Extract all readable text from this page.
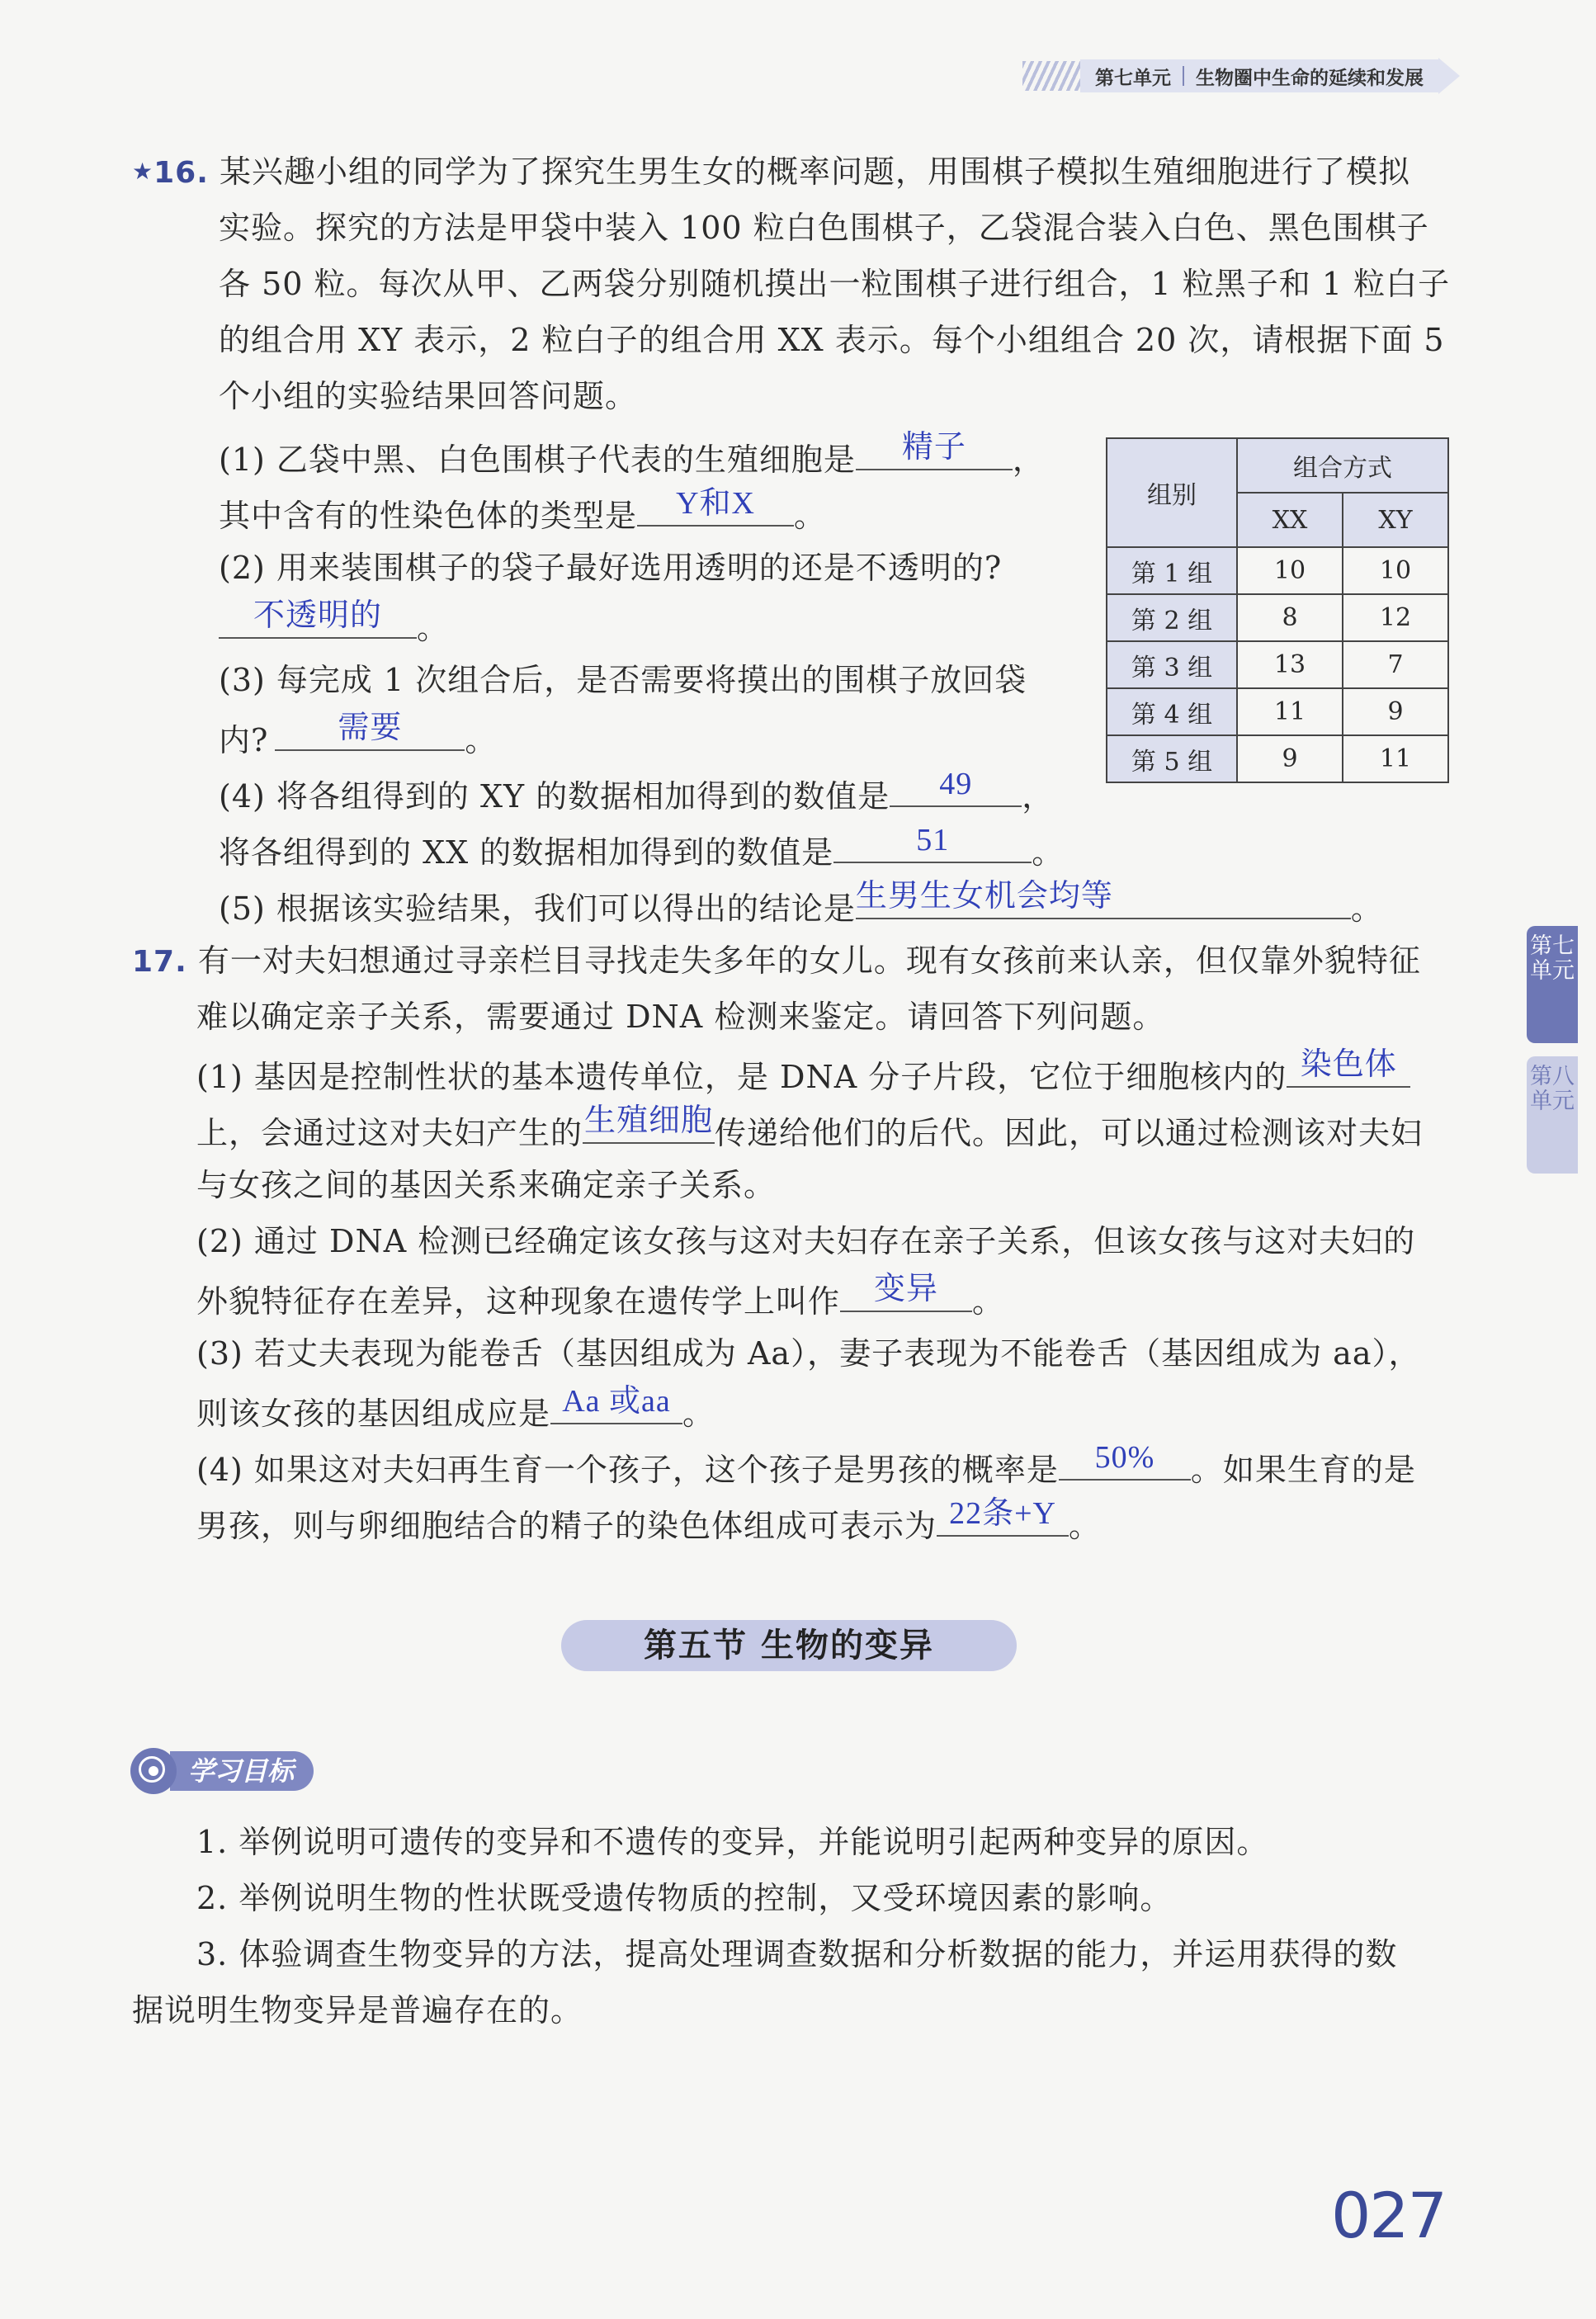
第七单元 生物圈中生命的延续和发展
第七单元
第八单元
★16. 某兴趣小组的同学为了探究生男生女的概率问题，用围棋子模拟生殖细胞进行了模拟
实验。探究的方法是甲袋中装入 100 粒白色围棋子，乙袋混合装入白色、黑色围棋子
各 50 粒。每次从甲、乙两袋分别随机摸出一粒围棋子进行组合，1 粒黑子和 1 粒白子
的组合用 XY 表示，2 粒白子的组合用 XX 表示。每个小组组合 20 次，请根据下面 5
个小组的实验结果回答问题。
(1) 乙袋中黑、白色围棋子代表的生殖细胞是	精子	，
其中含有的性染色体的类型是	Y和X	。
(2) 用来装围棋子的袋子最好选用透明的还是不透明的?
不透明的	。
(3) 每完成 1 次组合后，是否需要将摸出的围棋子放回袋
内?	需要	。
(4) 将各组得到的 XY 的数据相加得到的数值是	49	，
将各组得到的 XX 的数据相加得到的数值是	51	。
(5) 根据该实验结果，我们可以得出的结论是 生男生女机会均等	。
组别	组合方式	
	XX	XY
第 1 组	10	10
第 2 组	8	12
第 3 组	13	7
第 4 组	11	9
第 5 组	9	11
17. 有一对夫妇想通过寻亲栏目寻找走失多年的女儿。现有女孩前来认亲，但仅靠外貌特征
难以确定亲子关系，需要通过 DNA 检测来鉴定。请回答下列问题。
(1) 基因是控制性状的基本遗传单位，是 DNA 分子片段，它位于细胞核内的 染色体
上，会通过这对夫妇产生的 生殖细胞 传递给他们的后代。因此，可以通过检测该对夫妇
与女孩之间的基因关系来确定亲子关系。
(2) 通过 DNA 检测已经确定该女孩与这对夫妇存在亲子关系，但该女孩与这对夫妇的
外貌特征存在差异，这种现象在遗传学上叫作	变异	。
(3) 若丈夫表现为能卷舌（基因组成为 Aa），妻子表现为不能卷舌（基因组成为 aa），
则该女孩的基因组成应是 Aa 或aa 。
(4) 如果这对夫妇再生育一个孩子，这个孩子是男孩的概率是	50%	。如果生育的是
男孩，则与卵细胞结合的精子的染色体组成可表示为 22条+Y 。
第五节 生物的变异
学习目标
1. 举例说明可遗传的变异和不遗传的变异，并能说明引起两种变异的原因。
2. 举例说明生物的性状既受遗传物质的控制，又受环境因素的影响。
3. 体验调查生物变异的方法，提高处理调查数据和分析数据的能力，并运用获得的数
据说明生物变异是普遍存在的。
027
